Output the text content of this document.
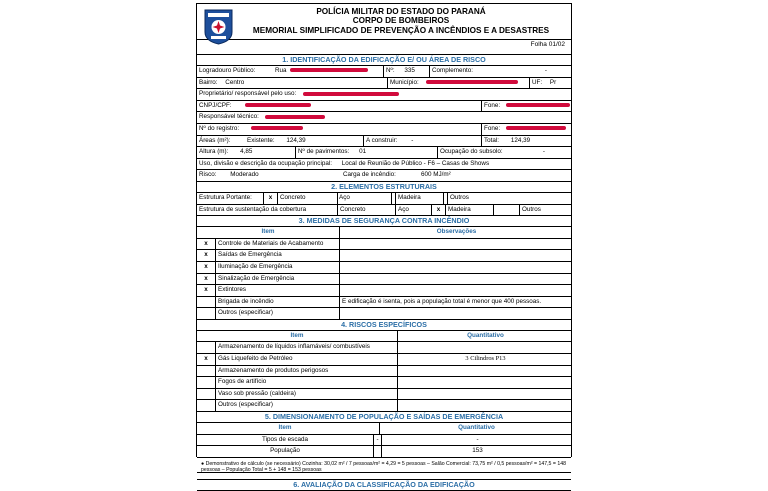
POLÍCIA MILITAR DO ESTADO DO PARANÁ
CORPO DE BOMBEIROS
MEMORIAL SIMPLIFICADO DE PREVENÇÃO A INCÊNDIOS E A DESASTRES
Folha 01/02
1. IDENTIFICAÇÃO DA EDIFICAÇÃO E/ OU ÁREA DE RISCO
Logradouro Público:	Rua	Nº: 335	Complemento:	-
Bairro: Centro	Município:	UF: Pr
Proprietário/ responsável pelo uso:
CNPJ/CPF:	Fone:
Responsável técnico:
Nº do registro:	Fone:
Áreas (m²):	Existente: 124,39	A construir: -	Total: 124,39
Altura (m): 4,85	Nº de pavimentos: 01	Ocupação do subsolo:	-
Uso, divisão e descrição da ocupação principal: Local de Reunião de Público - F6 – Casas de Shows
Risco: Moderado	Carga de incêndio:	600 MJ/m²
2. ELEMENTOS ESTRUTURAIS
Estrutura Portante:	x	Concreto	Aço	Madeira	Outros
Estrutura de sustentação da cobertura	Concreto	Aço	x	Madeira	Outros
3. MEDIDAS DE SEGURANÇA CONTRA INCÊNDIO
Item	Observações
x	Controle de Materiais de Acabamento
x	Saídas de Emergência
x	Iluminação de Emergência
x	Sinalização de Emergência
x	Extintores
Brigada de incêndio	E edificação é isenta, pois a população total é menor que 400 pessoas.
Outros (especificar)
4. RISCOS ESPECÍFICOS
Item	Quantitativo
Armazenamento de líquidos inflamáveis/ combustíveis
x	Gás Liquefeito de Petróleo	3 Cilindros P13
Armazenamento de produtos perigosos
Fogos de artifício
Vaso sob pressão (caldeira)
Outros (especificar)
5. DIMENSIONAMENTO DE POPULAÇÃO E SAÍDAS DE EMERGÊNCIA
Item	Quantitativo
Tipos de escada	-	-
População	153
● Demonstrativo de cálculo (se necessário) Cozinha: 30,02 m² / 7 pessoas/m² = 4,29 = 5 pessoas – Salão Comercial: 73,75 m² / 0,5 pessoas/m² = 147,5 = 148 pessoas – População Total = 5 + 148 = 153 pessoas
6. AVALIAÇÃO DA CLASSIFICAÇÃO DA EDIFICAÇÃO
